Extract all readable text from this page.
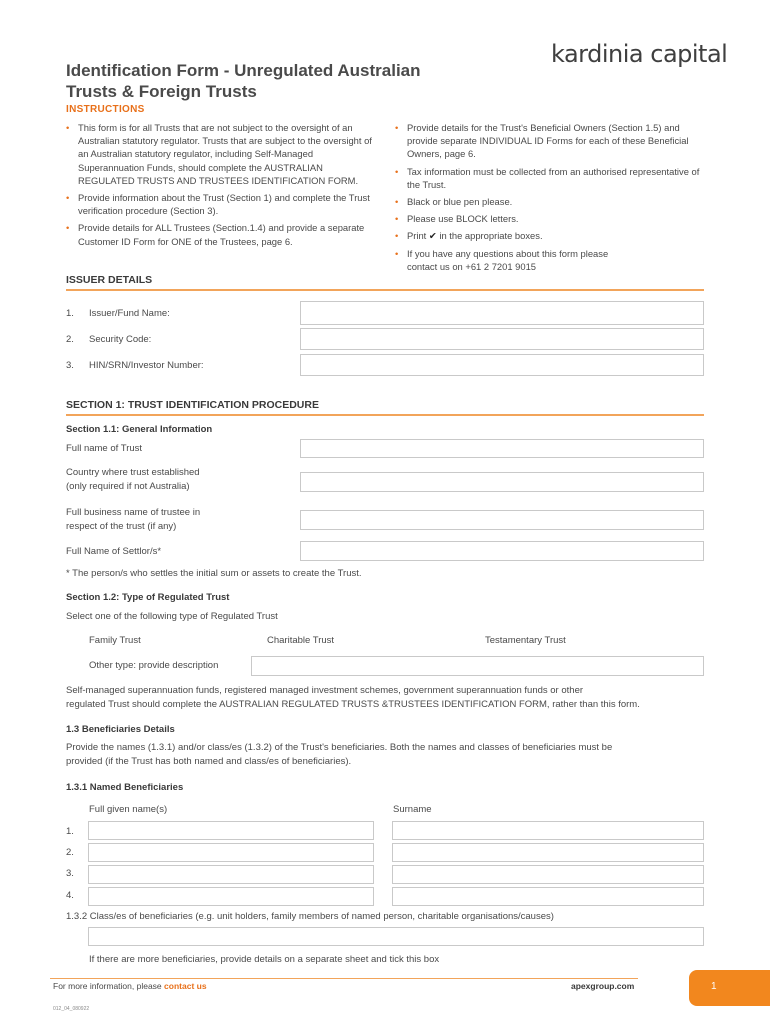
Identification Form - Unregulated Australian
Trusts & Foreign Trusts
kardinia capital
INSTRUCTIONS
• This form is for all Trusts that are not subject to the oversight of an Australian statutory regulator. Trusts that are subject to the oversight of an Australian statutory regulator, including Self-Managed Superannuation Funds, should complete the AUSTRALIAN REGULATED TRUSTS AND TRUSTEES IDENTIFICATION FORM.
• Provide information about the Trust (Section 1) and complete the Trust verification procedure (Section 3).
• Provide details for ALL Trustees (Section.1.4) and provide a separate Customer ID Form for ONE of the Trustees, page 6.
• Provide details for the Trust's Beneficial Owners (Section 1.5) and provide separate INDIVIDUAL ID Forms for each of these Beneficial Owners, page 6.
• Tax information must be collected from an authorised representative of the Trust.
• Black or blue pen please.
• Please use BLOCK letters.
• Print ✔ in the appropriate boxes.
• If you have any questions about this form please
contact us on +61 2 7201 9015
ISSUER DETAILS
1. Issuer/Fund Name:
2. Security Code:
3. HIN/SRN/Investor Number:
SECTION 1: TRUST IDENTIFICATION PROCEDURE
Section 1.1: General Information
Full name of Trust
Country where trust established
(only required if not Australia)
Full business name of trustee in
respect of the trust (if any)
Full Name of Settlor/s*
* The person/s who settles the initial sum or assets to create the Trust.
Section 1.2: Type of Regulated Trust
Select one of the following type of Regulated Trust
Family Trust	Charitable Trust	Testamentary Trust
Other type: provide description
Self-managed superannuation funds, registered managed investment schemes, government superannuation funds or other
regulated Trust should complete the AUSTRALIAN REGULATED TRUSTS &TRUSTEES IDENTIFICATION FORM, rather than this form.
1.3 Beneficiaries Details
Provide the names (1.3.1) and/or class/es (1.3.2) of the Trust's beneficiaries. Both the names and classes of beneficiaries must be
provided (if the Trust has both named and class/es of beneficiaries).
1.3.1 Named Beneficiaries
Full given name(s)	Surname
1.
2.
3.
4.
1.3.2 Class/es of beneficiaries (e.g. unit holders, family members of named person, charitable organisations/causes)
If there are more beneficiaries, provide details on a separate sheet and tick this box
For more information, please contact us	apexgroup.com	1
012_04_080922
